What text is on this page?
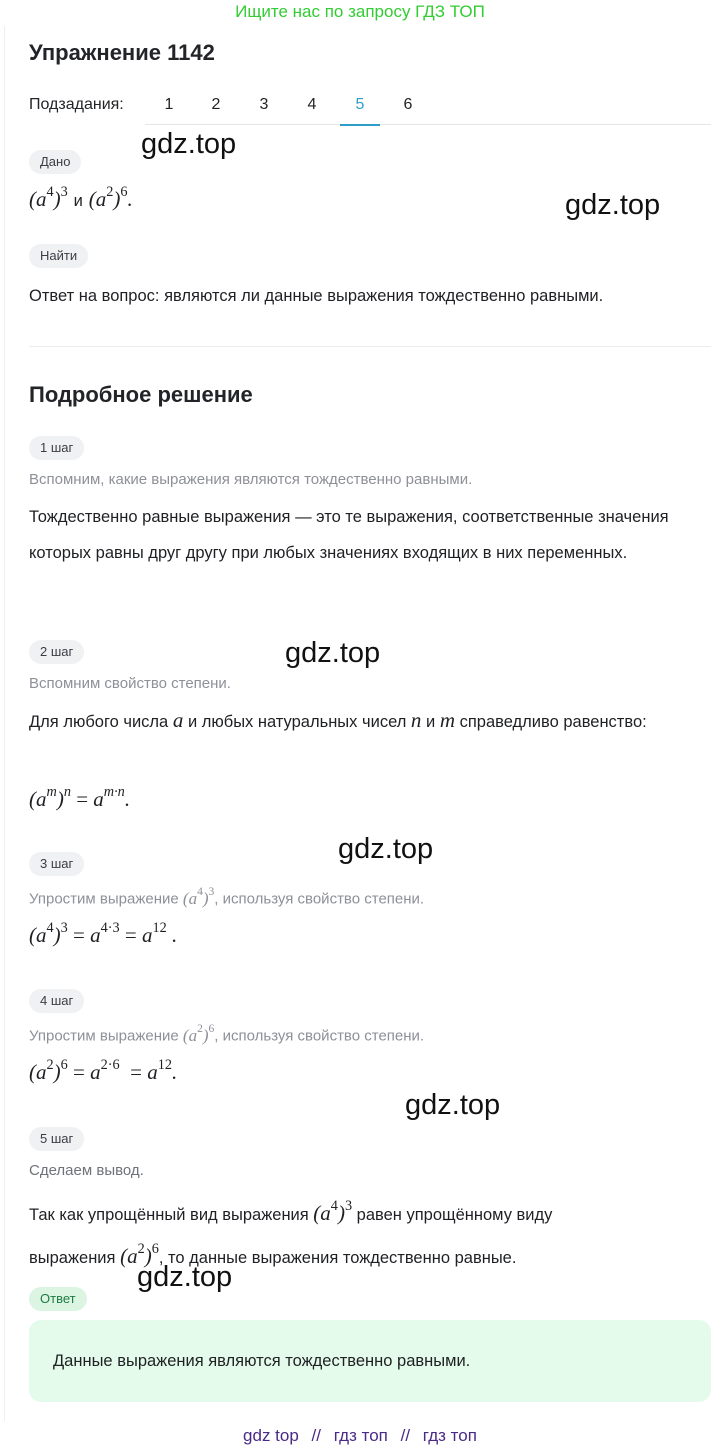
Ищите нас по запросу ГДЗ ТОП
Упражнение 1142
Подзадания:	1	2	3	4	5	6
Дано
$(a^4)^3$ и $(a^2)^6$.
Найти
Ответ на вопрос: являются ли данные выражения тождественно равными.
Подробное решение
1 шаг
Вспомним, какие выражения являются тождественно равными.
Тождественно равные выражения — это те выражения, соответственные значения которых равны друг другу при любых значениях входящих в них переменных.
2 шаг
Вспомним свойство степени.
Для любого числа a и любых натуральных чисел n и m справедливо равенство:
$(a^m)^n = a^{m\cdot n}$.
3 шаг
Упростим выражение $(a^4)^3$, используя свойство степени.
$(a^4)^3 = a^{4\cdot 3} = a^{12}$ .
4 шаг
Упростим выражение $(a^2)^6$, используя свойство степени.
$(a^2)^6 = a^{2\cdot 6} = a^{12}$.
5 шаг
Сделаем вывод.
Так как упрощённый вид выражения $(a^4)^3$ равен упрощённому виду
выражения $(a^2)^6$, то данные выражения тождественно равные.
Ответ
Данные выражения являются тождественно равными.
gdz.top
gdz.top
gdz.top
gdz.top
gdz.top
gdz.top
gdz top // гдз топ // гдз топ
